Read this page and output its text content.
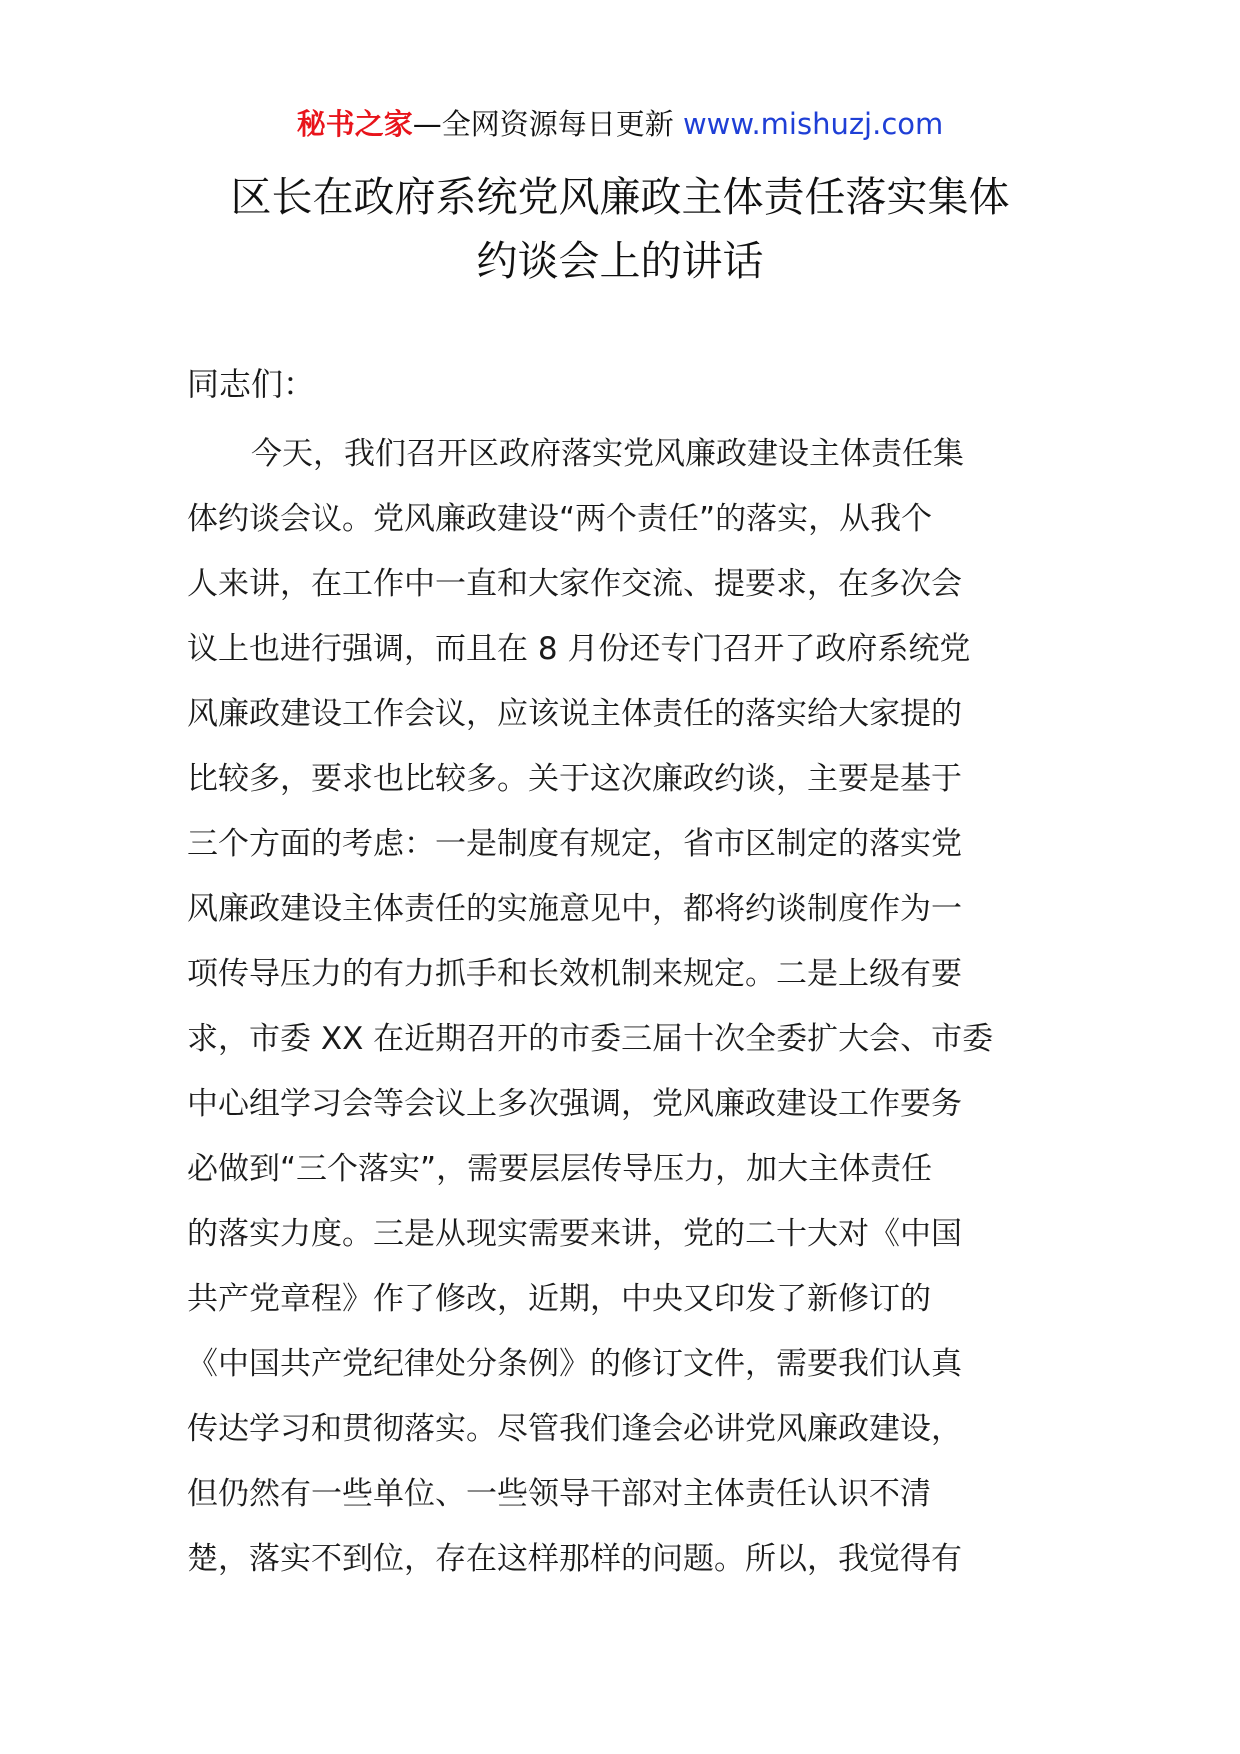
秘书之家—全网资源每日更新 www.mishuzj.com
区长在政府系统党风廉政主体责任落实集体
约谈会上的讲话
同志们：
今天，我们召开区政府落实党风廉政建设主体责任集
体约谈会议。党风廉政建设“两个责任”的落实，从我个
人来讲，在工作中一直和大家作交流、提要求，在多次会
议上也进行强调，而且在 8 月份还专门召开了政府系统党
风廉政建设工作会议，应该说主体责任的落实给大家提的
比较多，要求也比较多。关于这次廉政约谈，主要是基于
三个方面的考虑：一是制度有规定，省市区制定的落实党
风廉政建设主体责任的实施意见中，都将约谈制度作为一
项传导压力的有力抓手和长效机制来规定。二是上级有要
求，市委 XX 在近期召开的市委三届十次全委扩大会、市委
中心组学习会等会议上多次强调，党风廉政建设工作要务
必做到“三个落实”，需要层层传导压力，加大主体责任
的落实力度。三是从现实需要来讲，党的二十大对《中国
共产党章程》作了修改，近期，中央又印发了新修订的
《中国共产党纪律处分条例》的修订文件，需要我们认真
传达学习和贯彻落实。尽管我们逢会必讲党风廉政建设，
但仍然有一些单位、一些领导干部对主体责任认识不清
楚，落实不到位，存在这样那样的问题。所以，我觉得有
